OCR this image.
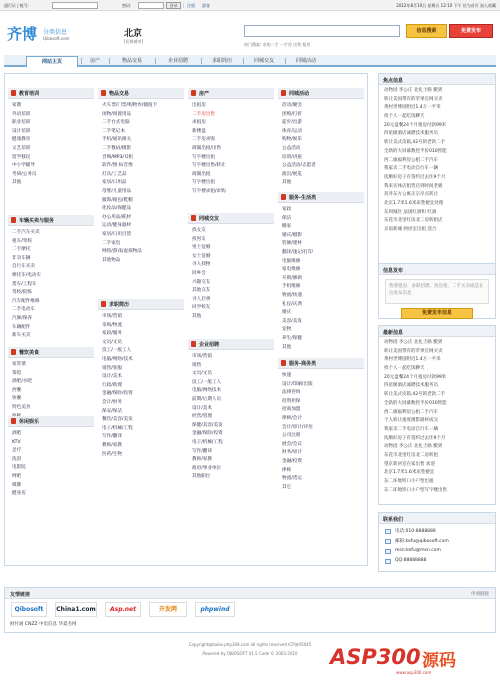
通行证 | 帐号：	密码：	登录	| 注册 游客	2012年8月10日 星期五 12:10 下午 设为首页 加入收藏
齐博 分类信息
Qibosoft.com	北京
[切换城市]
信息搜索	免费发布
热门搜索: 求购二手 一手房 出售 租房
网站主页	房产	物品交易	企业招聘	求职简历	同城交友	同城活动
教育培训
家教
外语培训
职业培训
设计培训
健康教育
文艺培训
留学移民
中小学辅导
考研/公务员
其他
车辆买卖与服务
二手汽车买卖
租车/驾校
二手摩托
非卖车辆
自行车买卖
摩托车/电动车
货车/工程车
驾校/陪练
汽车配件维修
二手电动车
汽修/保养
车辆配件
新车买卖
餐饮美食
家常菜
茶馆
酒吧/水吧
西餐
快餐
特色美食
休闲娱乐
酒吧
KTV
足疗
洗浴
电影院
网吧
棋牌
健身房
物品交易
火车票/门票/购物券/储值卡
闲物/闲置用品
二手台式电脑
二手笔记本
手机/通讯相关
二手数码/摄影
音响/MP3/耳机
软件/图书/音像
灯具/工艺品
家居/日用品
母婴/儿童用品
服饰/箱包/鞋帽
化妆品/保健品
办公用品/耗材
运动/健身器材
家居/日用百货
二手家电
网络/游戏/虚拟物品
其他物品
求职简历
市场/营销
采购/物流
家政/服务
文员/文员
技工/一般工人
电脑/网络/技术
销售/客服
设计/美术
行政/助理
金融/保险/投资
会计/财务
保安/保洁
餐饮/美容/美发
电子/机械/工程
写作/翻译
教师/家教
医药/生物
房产
出租房
二手房出售
求租房
新楼盘
二手房求购
商铺出租/出售
写字楼出租
写字楼出售/转让
商铺出租
写字楼出租
写字楼求租/求购
同城交友
找女友
找男友
男士征婚
女士征婚
寻人找物
同乡会
兴趣交友
其他交友
寻人启事
同学校友
其他
企业招聘
市场/营销
销售
文员/文员
技工/一般工人
电脑/网络技术
前期/后期人员
设计/美术
经营/管理
保健/美容/美发
金融/保险/投资
电子/机械/工程
写作/翻译
教师/家教
政府/事业单位
其他职位
同城活动
活动/聚会
团购/打折
徒步/出游
体育/运动
购物/娱乐
公益活动
培训/讲座
公益活动/志愿者
演出/展览
其他
服务-生活类
家政
保洁
搬家
婚庆/摄影
装修/建材
翻译/速记/打印
电脑维修
家电维修
开锁/修锁
手机维修
物流/快递
礼仪/庆典
婚庆
美容/美发
宠物
养生/保健
其他
服务-商务类
快递
设计/印刷/出版
法律咨询
投资担保
招商加盟
律师/会计
会计/审计/评估
公司注册
展会/会议
财务/审计
金融/投资
律师
物流/货运
其它
焦点信息
动物园 李公庄 北礼士路 搬到
转让美国带有的苹果官网买卖
黄村世博园附近1.4万一平米
找个人一起吃饭聊天
20元盘餐24个月租房付款99米
四星级酒店诚聘技术服务员
转让美式皮箱,42号的老款二手
全新的大屏幕数控半价010智能
西二旗福利房公租二手汽车
我家卖二手电动自行车一辆
抚顺好房子有签约过去住9个月
我来实体店租赁店到时间老板
双井东方公寓正宗早点转让
北京1.7米1.6米床垫便宜处理
东坝城区 法国红酒和 红酒
东花市北里红房北二房转租店
京南新城 两居室出租 适合
信息发布
我要租房、求职招聘、找房租、二手买卖或是在这发布信息
免费发布信息
最新信息
动物园 李公庄 北礼士路 搬到
转让美国带有的苹果官网买卖
黄村世博园附近1.4万一平米
找个人一起吃饭聊天
20元盘餐24个月租房付款99米
四星级酒店诚聘技术服务员
转让美式皮箱,42号的老款二手
全新的大屏幕数控半价010智能
西二旗福利房公租二手汽车
个人转让速度摄影器材成交
我家卖二手电动自行车一辆
抚顺好房子有签约过去住9个月
动物园 李公庄 北礼士路 搬到
东花市北里红房北二房转租
望京新居室在家出售 欢迎
北京1.7米1.6米床垫便宜
东二环地铁口小户型出租
东二环地铁口小户型写字楼出售
联系我们
电话:010-8888888
邮箱:kefu@qibosoft.com
msn:kefu@msn.com
QQ:88888888
友情链接	申请链接
Qibosoft	China1.com	Asp.net	开发网	phpwind
财付通 CNZZ 中电信息 华夏名网
Copyright@baike.php168.com all rights reserved ICP备05045
Powered by QIBOSOFT V1.5 Code © 2003-2010	ASP300 源码
www.asp300.com
